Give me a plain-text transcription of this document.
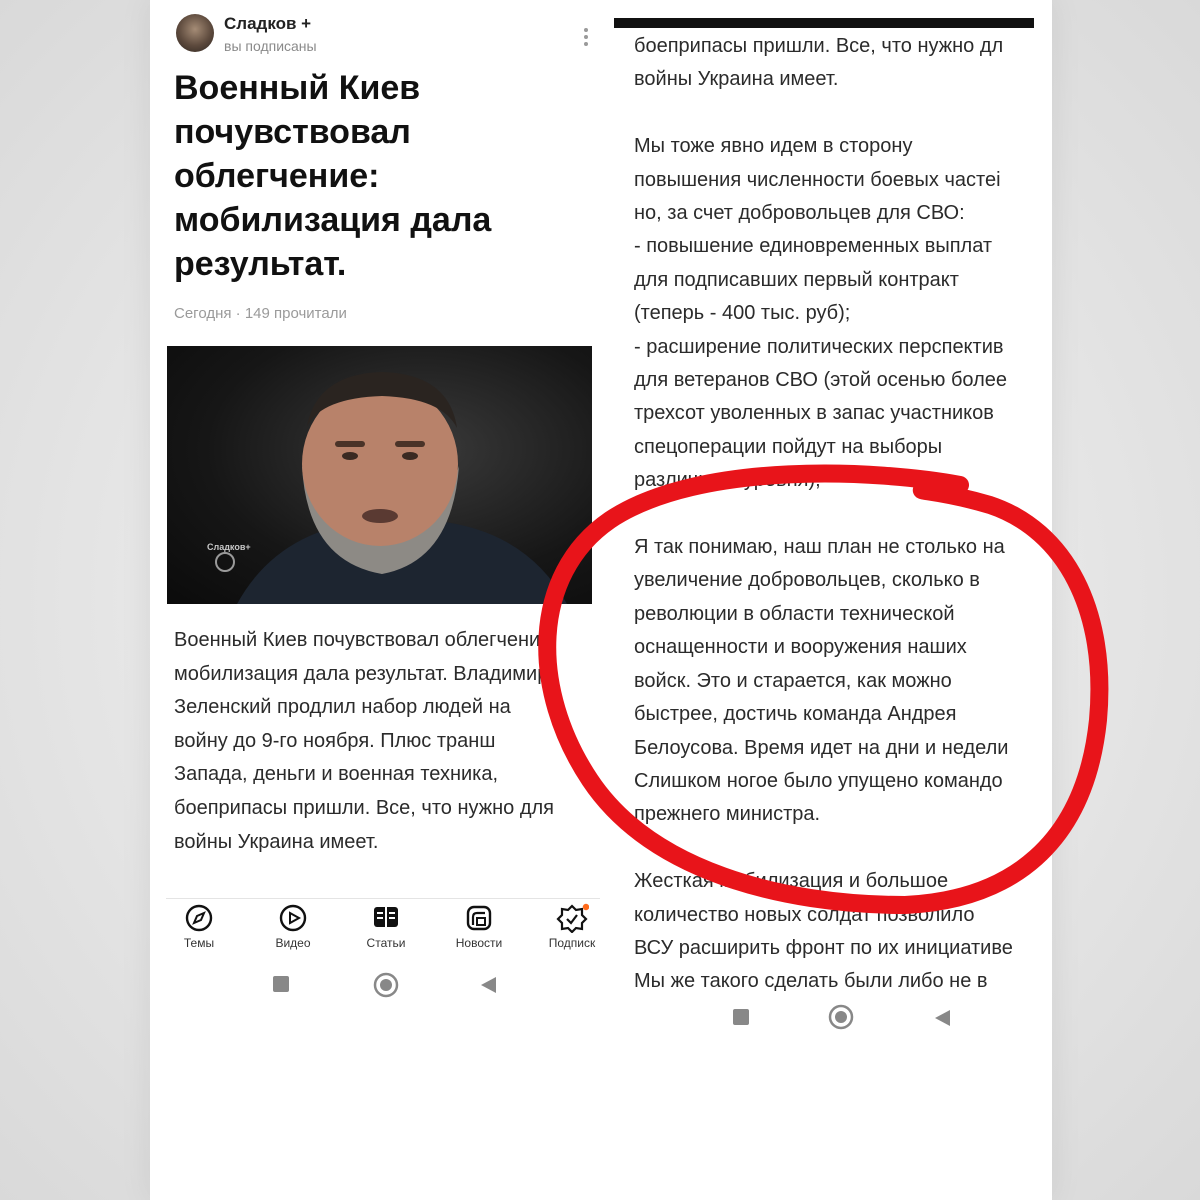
Сладков +
вы подписаны
Военный Киев
почувствовал
облегчение:
мобилизация дала
результат.
Сегодня · 149 прочитали
Сладков+
Военный Киев почувствовал облегчение
мобилизация дала результат. Владимир
Зеленский продлил набор людей на
войну до 9-го ноября. Плюс транш
Запада, деньги и военная техника,
боеприпасы пришли. Все, что нужно для
войны Украина имеет.
Темы	Видео	Статьи	Новости	Подписк
боеприпасы пришли. Все, что нужно дл
войны Украина имеет.
Мы тоже явно идем в сторону
повышения численности боевых частеi
но, за счет добровольцев для СВО:
- повышение единовременных выплат
для подписавших первый контракт
(теперь - 400 тыс. руб);
- расширение политических перспектив
для ветеранов СВО (этой осенью более
трехсот уволенных в запас участников
спецоперации пойдут на выборы
различного уровня);
Я так понимаю, наш план не столько на
увеличение добровольцев, сколько в
революции в области технической
оснащенности и вооружения наших
войск. Это и старается, как можно
быстрее, достичь команда Андрея
Белоусова. Время идет на дни и недели
Слишком ногое было упущено командо
прежнего министра.
Жесткая мобилизация и большое
количество новых солдат позволило
ВСУ расширить фронт по их инициативе
Мы же такого сделать были либо не в
